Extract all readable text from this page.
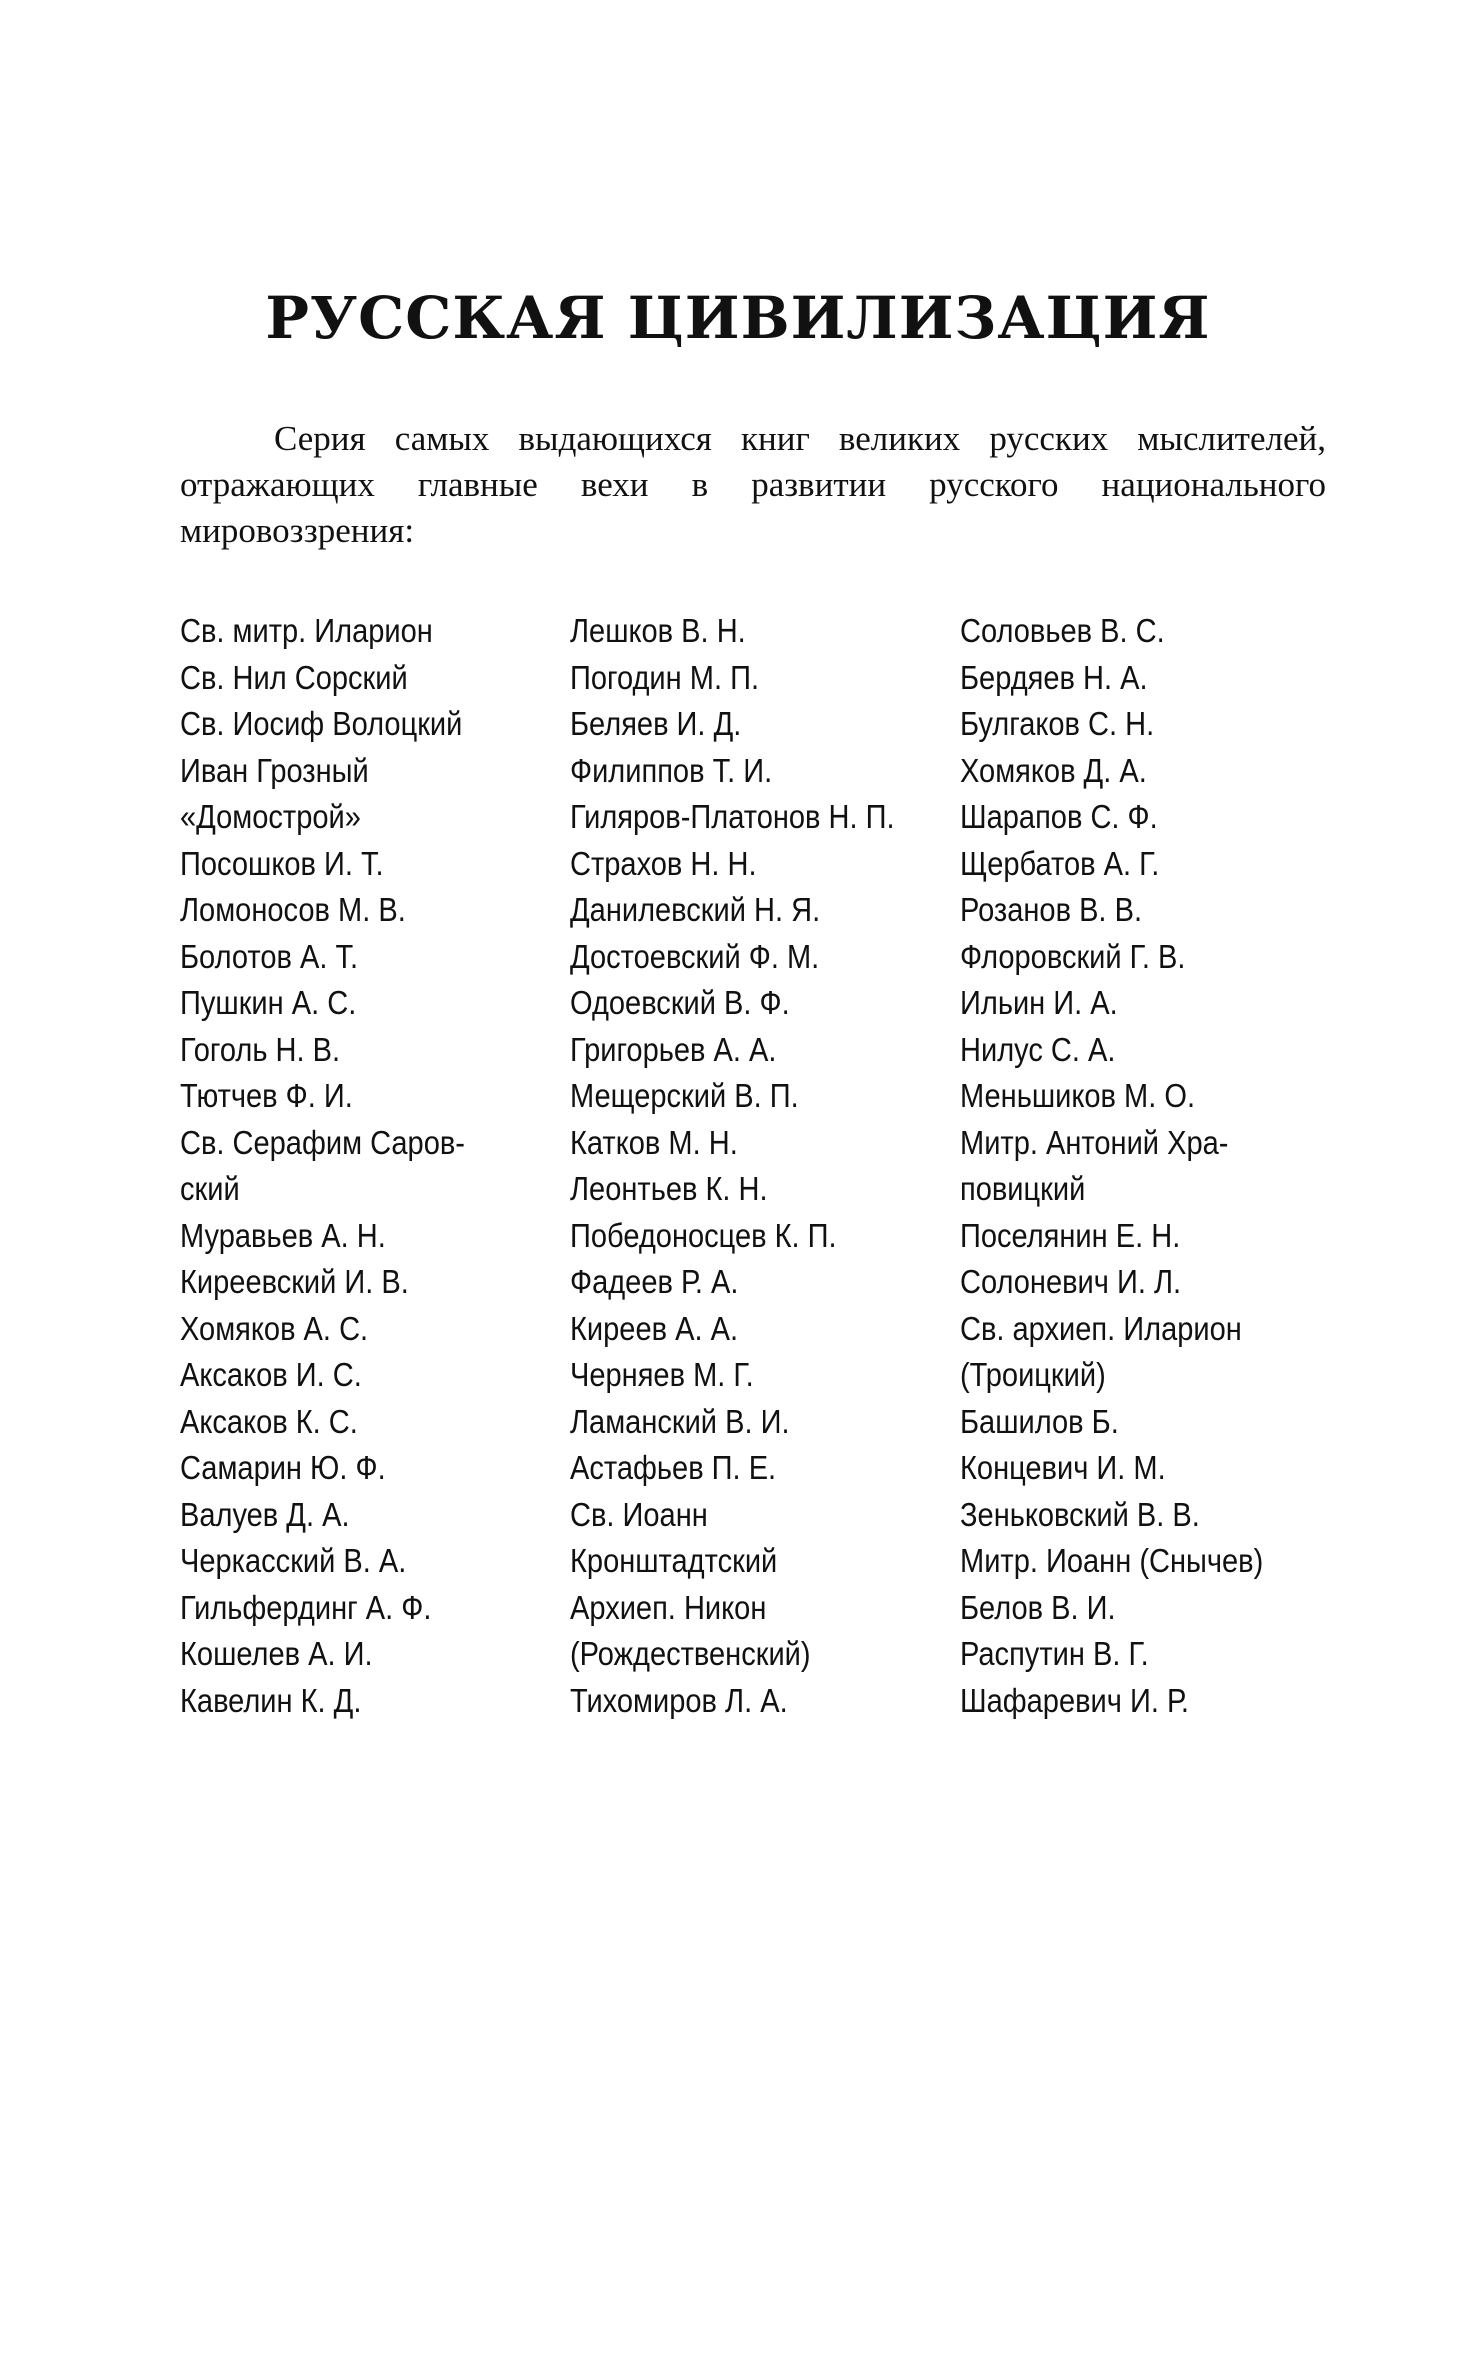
РУССКАЯ ЦИВИЛИЗАЦИЯ

Серия самых выдающихся книг великих русских мыслителей, отражающих главные вехи в развитии русского национального мировоззрения:

Св. митр. Иларион
Св. Нил Сорский
Св. Иосиф Волоцкий
Иван Грозный
«Домострой»
Посошков И. Т.
Ломоносов М. В.
Болотов А. Т.
Пушкин А. С.
Гоголь Н. В.
Тютчев Ф. И.
Св. Серафим Саров-
ский
Муравьев А. Н.
Киреевский И. В.
Хомяков А. С.
Аксаков И. С.
Аксаков К. С.
Самарин Ю. Ф.
Валуев Д. А.
Черкасский В. А.
Гильфердинг А. Ф.
Кошелев А. И.
Кавелин К. Д.
Лешков В. Н.
Погодин М. П.
Беляев И. Д.
Филиппов Т. И.
Гиляров-Платонов Н. П.
Страхов Н. Н.
Данилевский Н. Я.
Достоевский Ф. М.
Одоевский В. Ф.
Григорьев А. А.
Мещерский В. П.
Катков М. Н.
Леонтьев К. Н.
Победоносцев К. П.
Фадеев Р. А.
Киреев А. А.
Черняев М. Г.
Ламанский В. И.
Астафьев П. Е.
Св. Иоанн
Кронштадтский
Архиеп. Никон
(Рождественский)
Тихомиров Л. А.
Соловьев В. С.
Бердяев Н. А.
Булгаков С. Н.
Хомяков Д. А.
Шарапов С. Ф.
Щербатов А. Г.
Розанов В. В.
Флоровский Г. В.
Ильин И. А.
Нилус С. А.
Меньшиков М. О.
Митр. Антоний Хра-
повицкий
Поселянин Е. Н.
Солоневич И. Л.
Св. архиеп. Иларион
(Троицкий)
Башилов Б.
Концевич И. М.
Зеньковский В. В.
Митр. Иоанн (Снычев)
Белов В. И.
Распутин В. Г.
Шафаревич И. Р.
